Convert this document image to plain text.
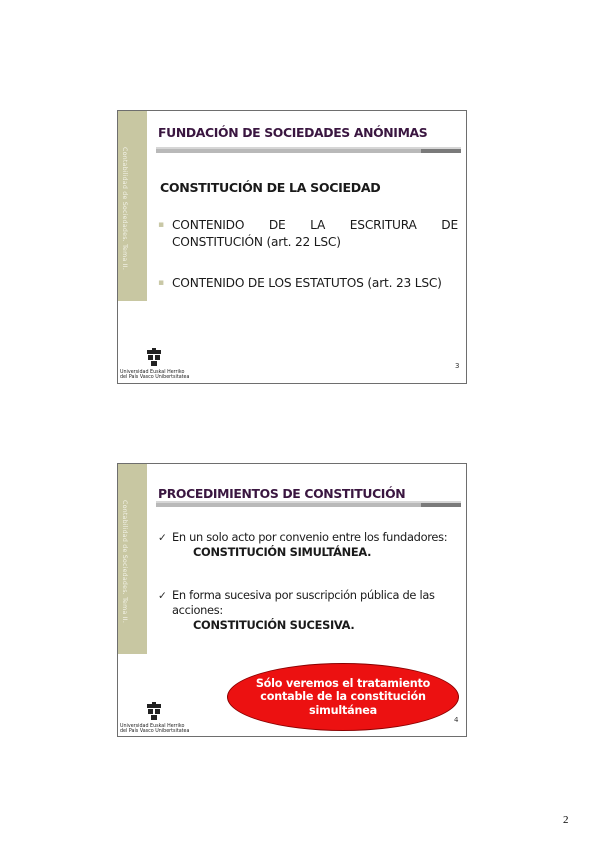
Contabilidad de Sociedades. Tema II.
FUNDACIÓN DE SOCIEDADES ANÓNIMAS
CONSTITUCIÓN DE LA SOCIEDAD
▪ CONTENIDO DE LA ESCRITURA DE CONSTITUCIÓN (art. 22 LSC)
▪ CONTENIDO DE LOS ESTATUTOS (art. 23 LSC)
Universidad Euskal Herriko
del País Vasco Unibertsitatea
3
Contabilidad de Sociedades. Tema II.
PROCEDIMIENTOS DE CONSTITUCIÓN
✓ En un solo acto por convenio entre los fundadores:
CONSTITUCIÓN SIMULTÁNEA.
✓ En forma sucesiva por suscripción pública de las acciones:
CONSTITUCIÓN SUCESIVA.
Sólo veremos el tratamiento contable de la constitución simultánea
Universidad Euskal Herriko
del País Vasco Unibertsitatea
4
2
